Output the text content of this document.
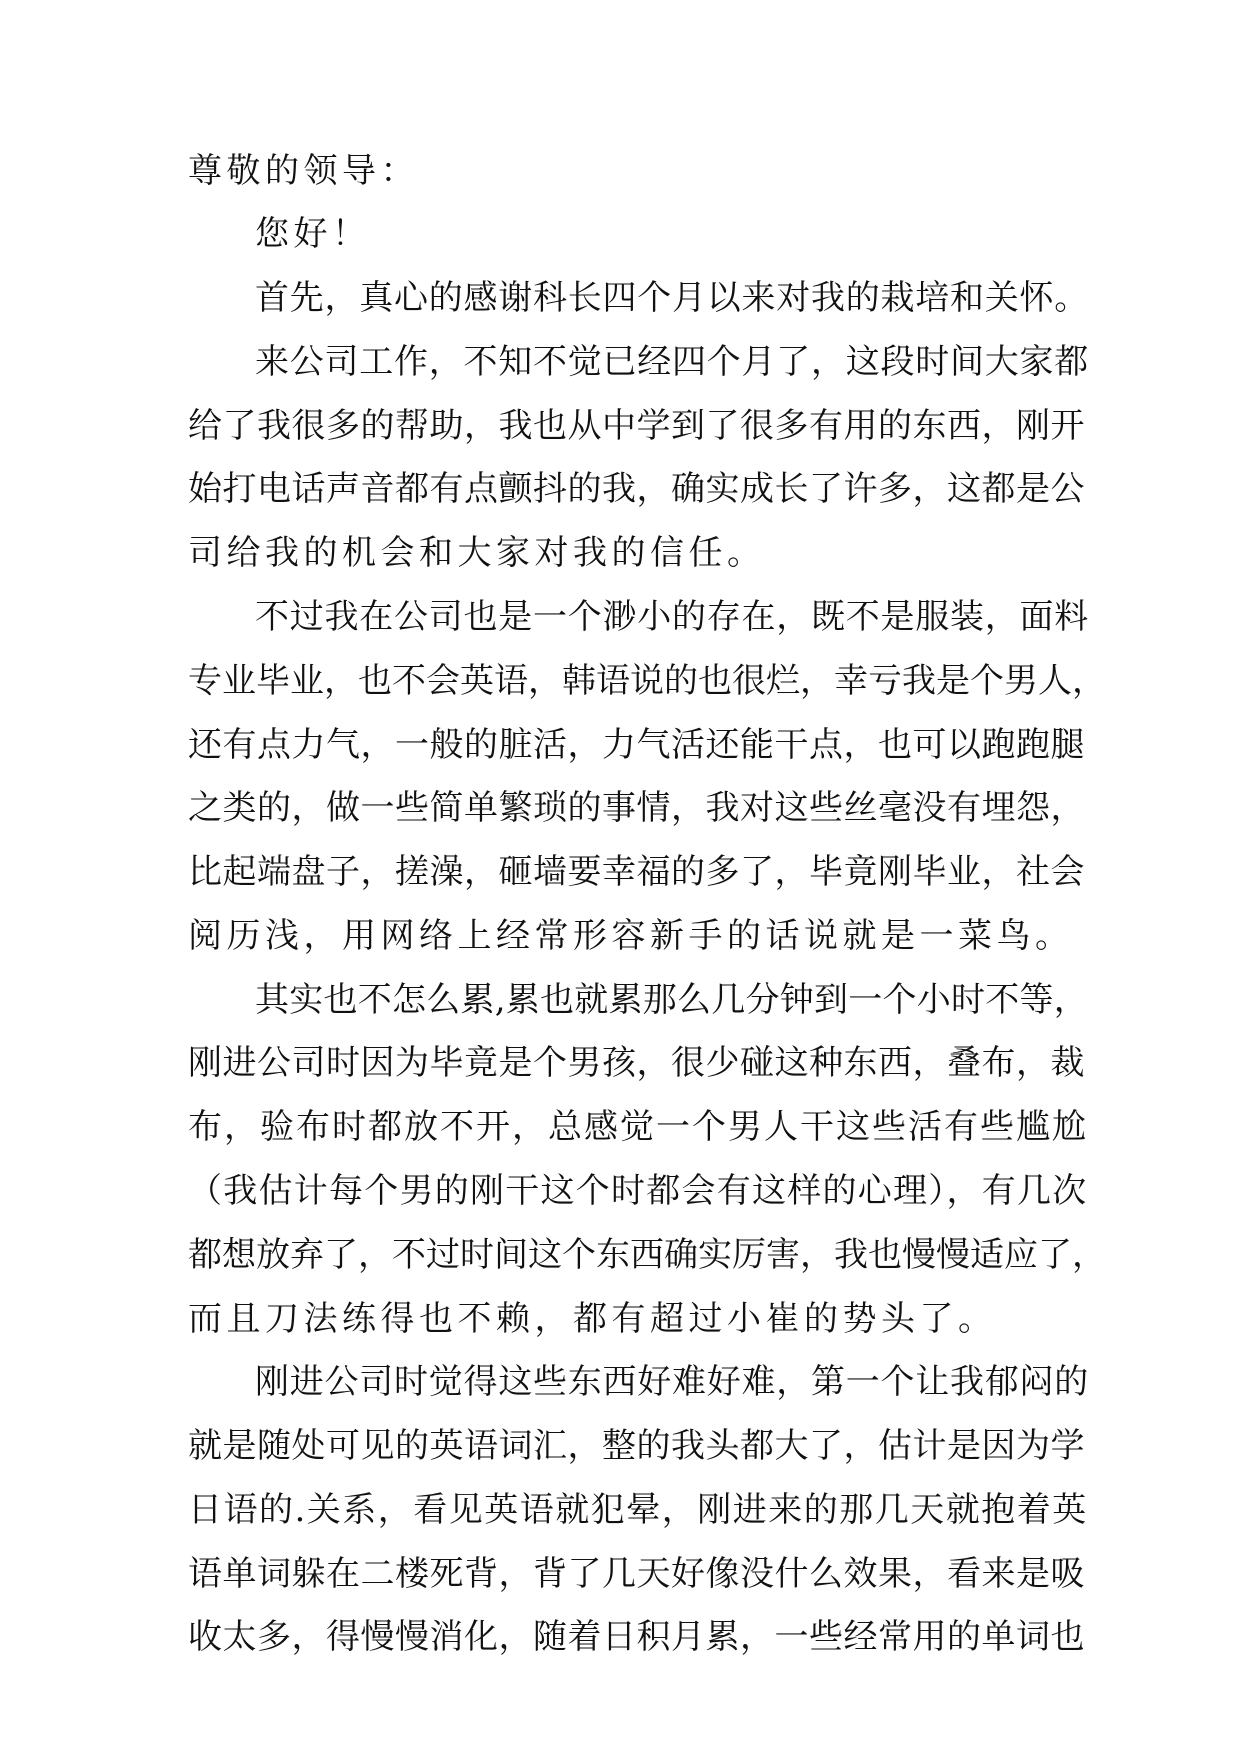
尊敬的领导：
您好！
首先，真心的感谢科长四个月以来对我的栽培和关怀。
来公司工作，不知不觉已经四个月了，这段时间大家都
给了我很多的帮助，我也从中学到了很多有用的东西，刚开
始打电话声音都有点颤抖的我，确实成长了许多，这都是公
司给我的机会和大家对我的信任。
不过我在公司也是一个渺小的存在，既不是服装，面料
专业毕业，也不会英语，韩语说的也很烂，幸亏我是个男人，
还有点力气，一般的脏活，力气活还能干点，也可以跑跑腿
之类的，做一些简单繁琐的事情，我对这些丝毫没有埋怨，
比起端盘子，搓澡，砸墙要幸福的多了，毕竟刚毕业，社会
阅历浅，用网络上经常形容新手的话说就是一菜鸟。
其实也不怎么累,累也就累那么几分钟到一个小时不等，
刚进公司时因为毕竟是个男孩，很少碰这种东西，叠布，裁
布，验布时都放不开，总感觉一个男人干这些活有些尴尬
（我估计每个男的刚干这个时都会有这样的心理），有几次
都想放弃了，不过时间这个东西确实厉害，我也慢慢适应了，
而且刀法练得也不赖，都有超过小崔的势头了。
刚进公司时觉得这些东西好难好难，第一个让我郁闷的
就是随处可见的英语词汇，整的我头都大了，估计是因为学
日语的.关系，看见英语就犯晕，刚进来的那几天就抱着英
语单词躲在二楼死背，背了几天好像没什么效果，看来是吸
收太多，得慢慢消化，随着日积月累，一些经常用的单词也
